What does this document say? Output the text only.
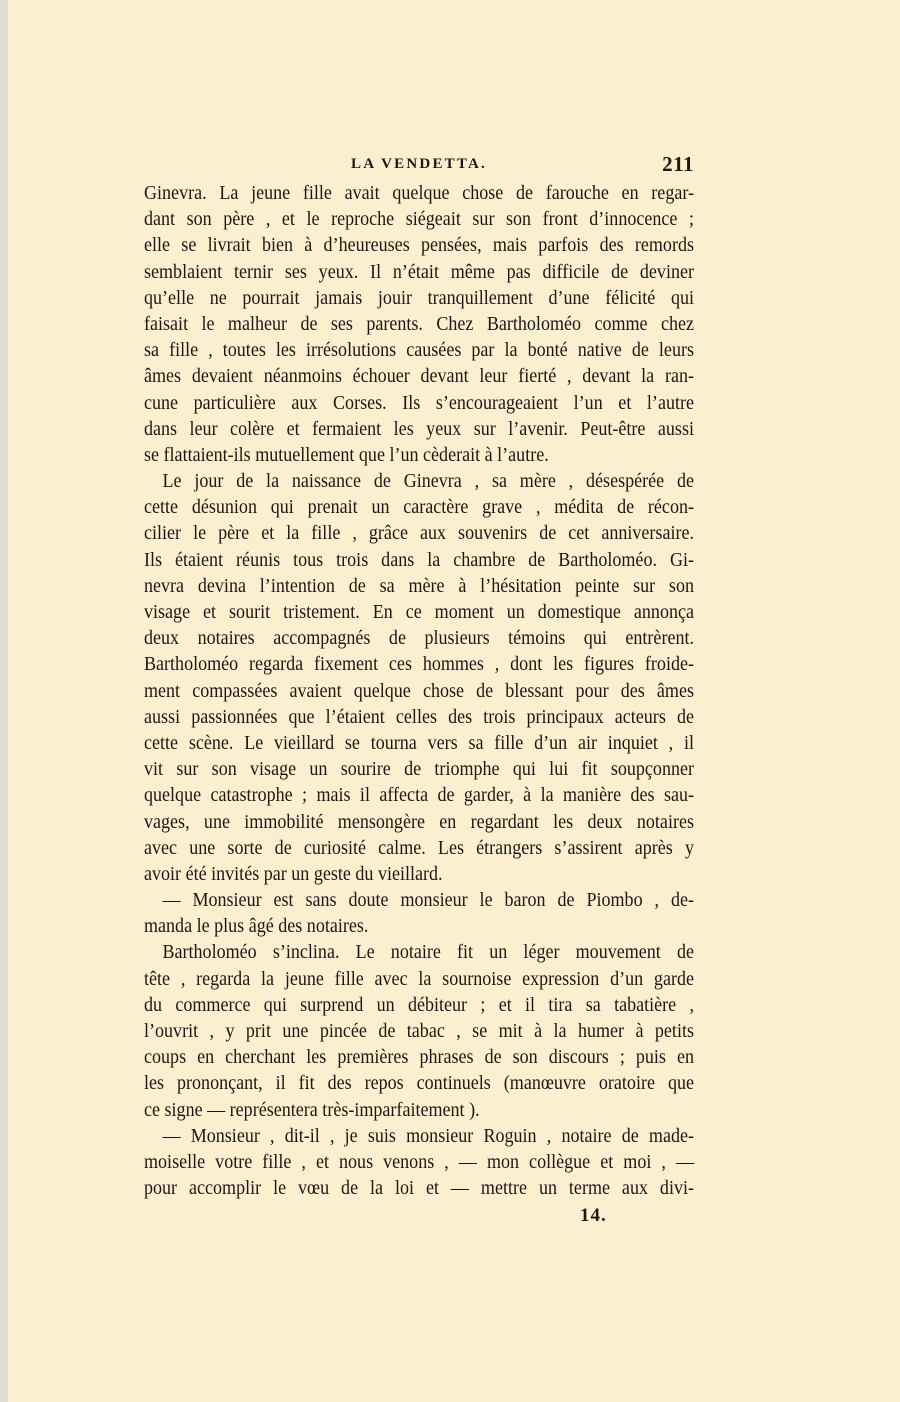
LA VENDETTA.	211
Ginevra. La jeune fille avait quelque chose de farouche en regar-
dant son père , et le reproche siégeait sur son front d’innocence ;
elle se livrait bien à d’heureuses pensées, mais parfois des remords
semblaient ternir ses yeux. Il n’était même pas difficile de deviner
qu’elle ne pourrait jamais jouir tranquillement d’une félicité qui
faisait le malheur de ses parents. Chez Bartholoméo comme chez
sa fille , toutes les irrésolutions causées par la bonté native de leurs
âmes devaient néanmoins échouer devant leur fierté , devant la ran-
cune particulière aux Corses. Ils s’encourageaient l’un et l’autre
dans leur colère et fermaient les yeux sur l’avenir. Peut-être aussi
se flattaient-ils mutuellement que l’un cèderait à l’autre.
Le jour de la naissance de Ginevra , sa mère , désespérée de
cette désunion qui prenait un caractère grave , médita de récon-
cilier le père et la fille , grâce aux souvenirs de cet anniversaire.
Ils étaient réunis tous trois dans la chambre de Bartholoméo. Gi-
nevra devina l’intention de sa mère à l’hésitation peinte sur son
visage et sourit tristement. En ce moment un domestique annonça
deux notaires accompagnés de plusieurs témoins qui entrèrent.
Bartholoméo regarda fixement ces hommes , dont les figures froide-
ment compassées avaient quelque chose de blessant pour des âmes
aussi passionnées que l’étaient celles des trois principaux acteurs de
cette scène. Le vieillard se tourna vers sa fille d’un air inquiet , il
vit sur son visage un sourire de triomphe qui lui fit soupçonner
quelque catastrophe ; mais il affecta de garder, à la manière des sau-
vages, une immobilité mensongère en regardant les deux notaires
avec une sorte de curiosité calme. Les étrangers s’assirent après y
avoir été invités par un geste du vieillard.
— Monsieur est sans doute monsieur le baron de Piombo , de-
manda le plus âgé des notaires.
Bartholoméo s’inclina. Le notaire fit un léger mouvement de
tête , regarda la jeune fille avec la sournoise expression d’un garde
du commerce qui surprend un débiteur ; et il tira sa tabatière ,
l’ouvrit , y prit une pincée de tabac , se mit à la humer à petits
coups en cherchant les premières phrases de son discours ; puis en
les prononçant, il fit des repos continuels (manœuvre oratoire que
ce signe — représentera très-imparfaitement ).
— Monsieur , dit-il , je suis monsieur Roguin , notaire de made-
moiselle votre fille , et nous venons , — mon collègue et moi , —
pour accomplir le vœu de la loi et — mettre un terme aux divi-
14.
